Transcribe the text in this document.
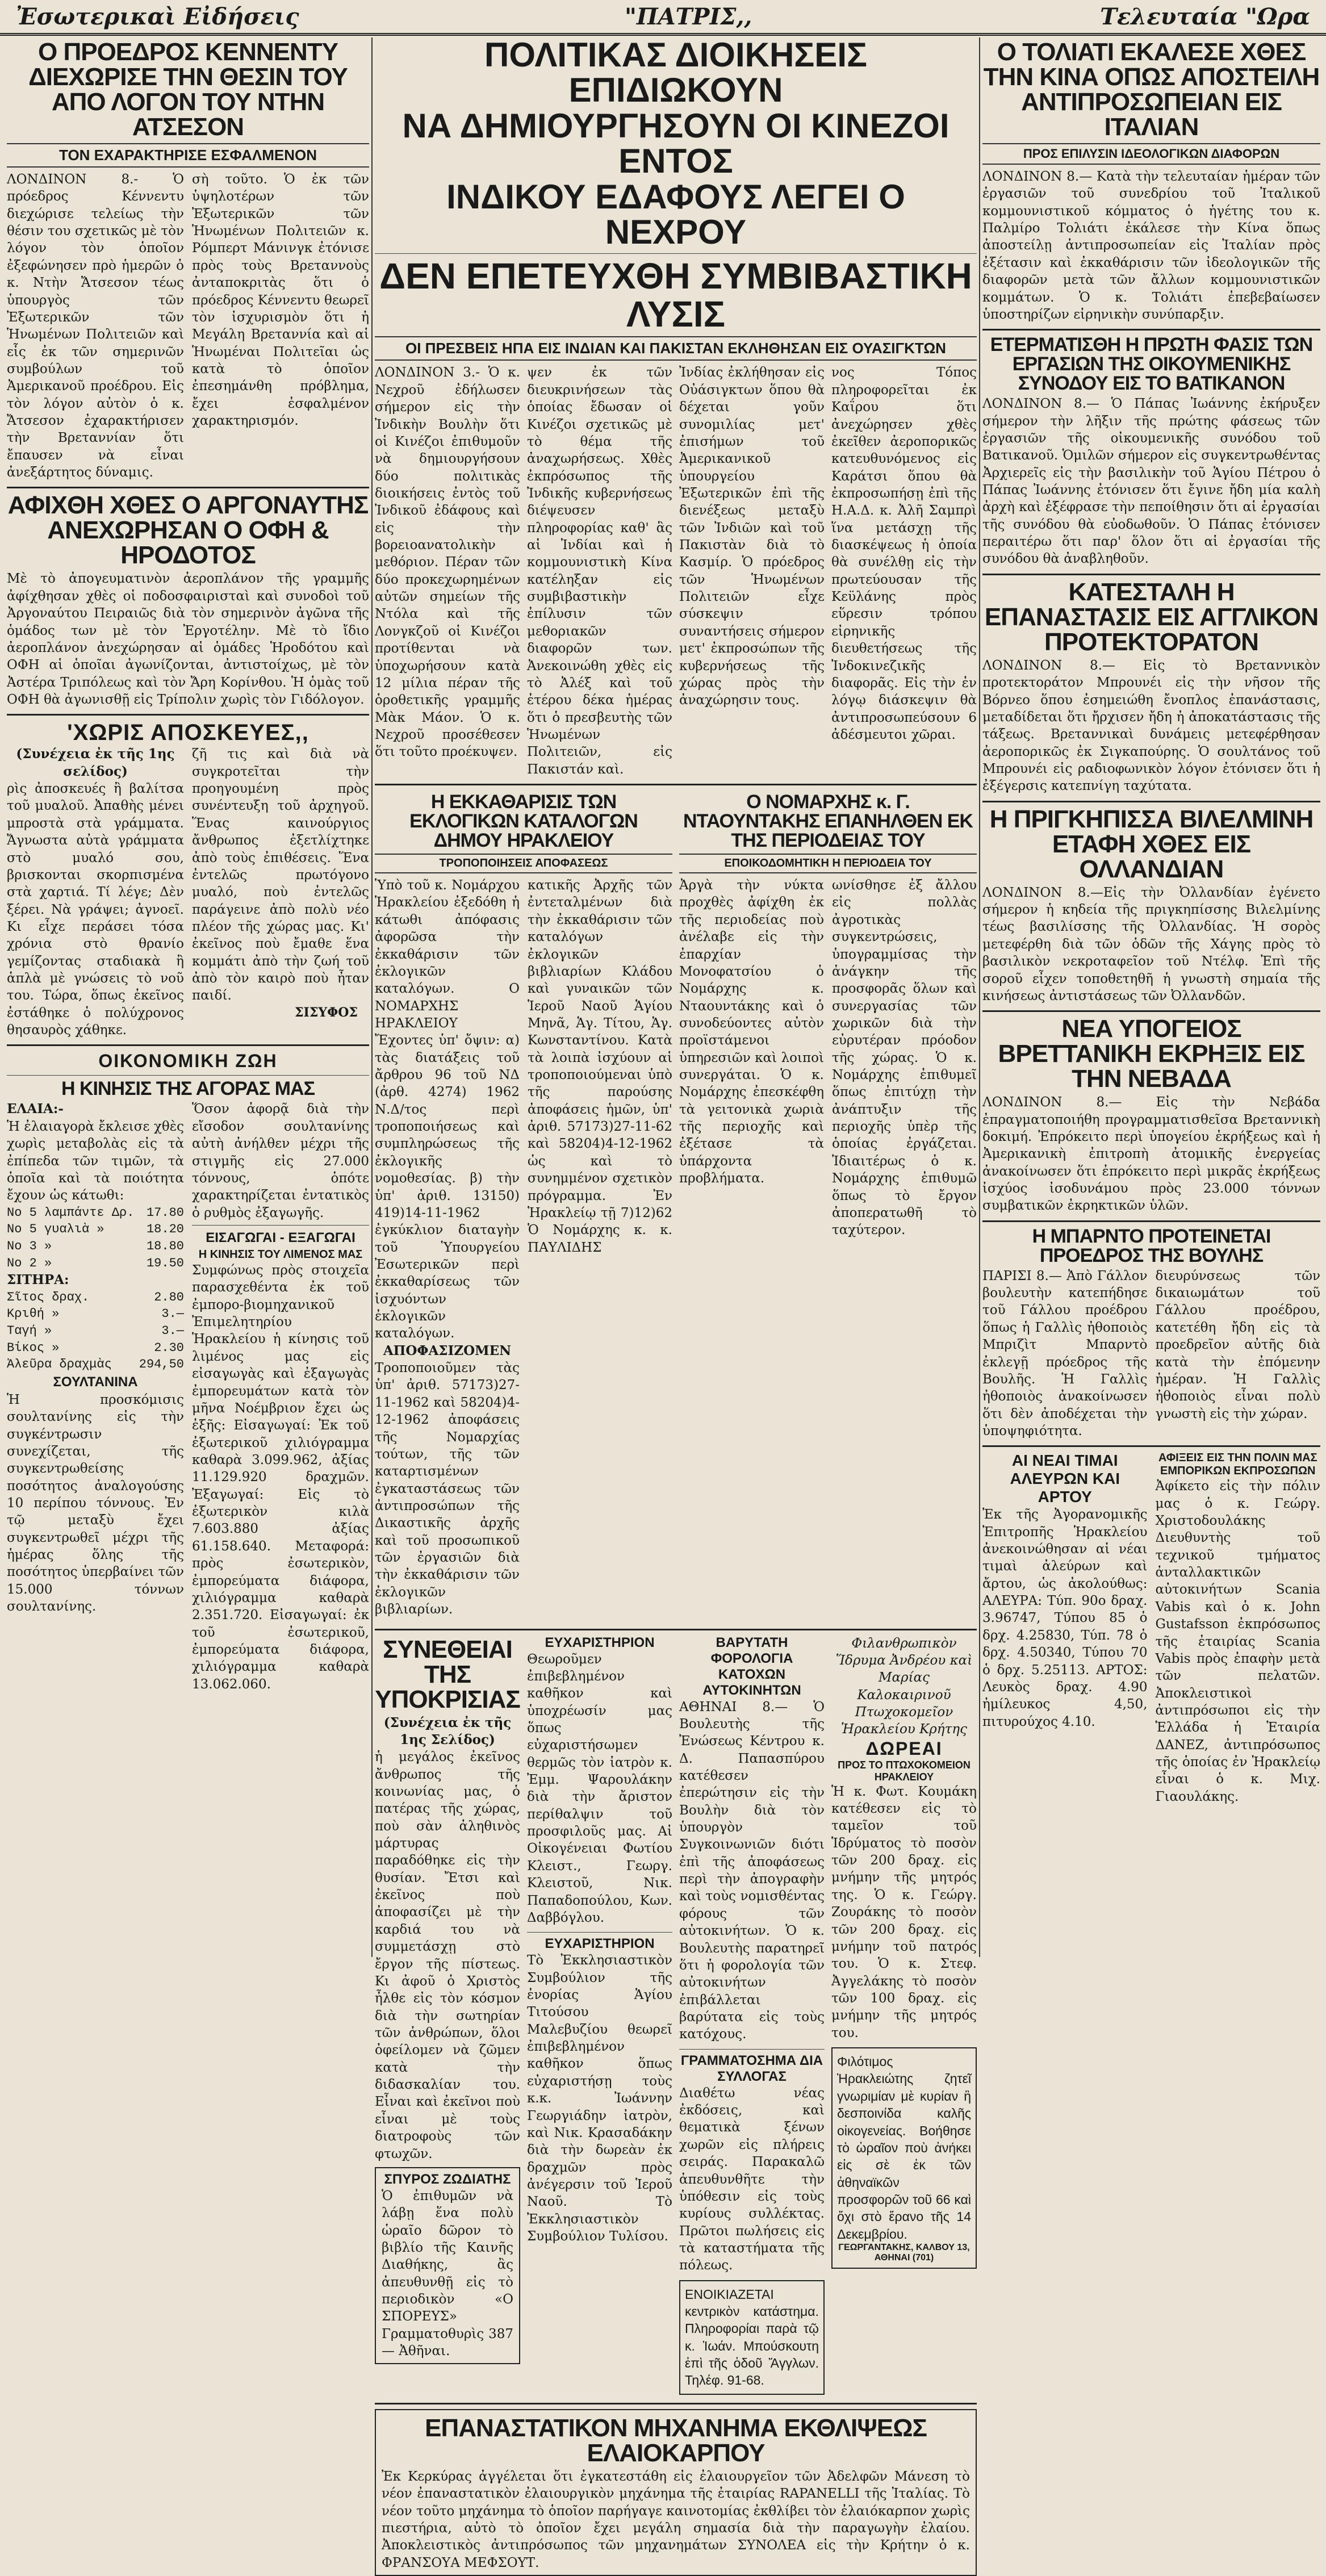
Ἐσωτερικαὶ Εἰδήσεις	"ΠΑΤΡΙΣ,,	Τελευταία "Ωρα
Ο ΠΡΟΕΔΡΟΣ ΚΕΝΝΕΝΤΥ ΔΙΕΧΩΡΙΣΕ ΤΗΝ ΘΕΣΙΝ ΤΟΥ ΑΠΟ ΛΟΓΟΝ ΤΟΥ ΝΤΗΝ ΑΤΣΕΣΟΝ
ΤΟΝ ΕΧΑΡΑΚΤΗΡΙΣΕ ΕΣΦΑΛΜΕΝΟΝ
ΛΟΝΔΙΝΟΝ 8.- Ὁ πρόεδρος Κέννεντυ διεχώρισε τελείως τὴν θέσιν του σχετικῶς μὲ τὸν λόγον τὸν ὁποῖον ἐξεφώνησεν πρὸ ἡμερῶν ὁ κ. Ντὴν Ἄτσεσον τέως ὑπουργὸς τῶν Ἐξωτερικῶν τῶν Ἡνωμένων Πολιτειῶν καὶ εἷς ἐκ τῶν σημερινῶν συμβούλων τοῦ Ἀμερικανοῦ προέδρου. Εἰς τὸν λόγον αὐτὸν ὁ κ. Ἄτσεσον ἐχαρακτήρισεν τὴν Βρεταννίαν ὅτι ἔπαυσεν νὰ εἶναι ἀνεξάρτητος δύναμις.
σὴ τοῦτο. Ὁ ἐκ τῶν ὑψηλοτέρων τῶν Ἐξωτερικῶν τῶν Ἡνωμένων Πολιτειῶν κ. Ρόμπερτ Μάνινγκ ἐτόνισε πρὸς τοὺς Βρεταννοὺς ἀνταποκριτὰς ὅτι ὁ πρόεδρος Κέννεντυ θεωρεῖ τὸν ἰσχυρισμὸν ὅτι ἡ Μεγάλη Βρεταννία καὶ αἱ Ἡνωμέναι Πολιτεῖαι ὡς κατὰ τὸ ὁποῖον ἐπεσημάνθη πρόβλημα, ἔχει ἐσφαλμένον χαρακτηρισμόν.
ΑΦΙΧΘΗ ΧΘΕΣ Ο ΑΡΓΟΝΑΥΤΗΣ ΑΝΕΧΩΡΗΣΑΝ Ο ΟΦΗ & ΗΡΟΔΟΤΟΣ
Μὲ τὸ ἀπογευματινὸν ἀεροπλάνον τῆς γραμμῆς ἀφίχθησαν χθὲς οἱ ποδοσφαιρισταὶ καὶ συνοδοὶ τοῦ Ἀργοναύτου Πειραιῶς διὰ τὸν σημερινὸν ἀγῶνα τῆς ὁμάδος των μὲ τὸν Ἐργοτέλην. Μὲ τὸ ἴδιο ἀεροπλάνον ἀνεχώρησαν αἱ ὁμάδες Ἡροδότου καὶ ΟΦΗ αἱ ὁποῖαι ἀγωνίζονται, ἀντιστοίχως, μὲ τὸν Ἀστέρα Τριπόλεως καὶ τὸν Ἄρη Κορίνθου. Ἡ ὁμὰς τοῦ ΟΦΗ θὰ ἀγωνισθῇ εἰς Τρίπολιν χωρὶς τὸν Γιδόλογον.
'ΧΩΡΙΣ ΑΠΟΣΚΕΥΕΣ,,
(Συνέχεια ἐκ τῆς 1ης σελίδος)
ρὶς ἀποσκευές ἢ βαλίτσα τοῦ μυαλοῦ. Ἀπαθὴς μένει μπροστὰ στὰ γράμματα. Ἄγνωστα αὐτὰ γράμματα στὸ μυαλό σου, βρισκονται σκορπισμένα στὰ χαρτιά. Τί λέγε; Δὲν ξέρει. Νὰ γράψει; ἀγνοεῖ. Κι εἶχε περάσει τόσα χρόνια στὸ θρανίο γεμίζοντας σταδιακὰ ἢ ἁπλὰ μὲ γνώσεις τὸ νοῦ του. Τώρα, ὅπως ἐκεῖνος ἐστάθηκε ὁ πολύχρονος θησαυρὸς χάθηκε.
ζῆ τις καὶ διὰ νὰ συγκροτεῖται τὴν προηγουμένη πρὸς συνέντευξη τοῦ ἀρχηγοῦ. Ἕνας καινούργιος ἄνθρωπος ἐξετλίχτηκε ἀπὸ τοὺς ἐπιθέσεις. Ἕνα ἐντελῶς πρωτόγονο μυαλό, ποὺ ἐντελῶς παράγεινε ἀπὸ πολὺ νέο πλέον τῆς χώρας μας. Κι' ἐκεῖνος ποὺ ἔμαθε ἕνα κομμάτι ἀπὸ τὴν ζωή τοῦ ἀπὸ τὸν καιρὸ ποὺ ἦταν παιδί.
ΣΙΣΥΦΟΣ
ΟΙΚΟΝΟΜΙΚΗ ΖΩΗ
Η ΚΙΝΗΣΙΣ ΤΗΣ ΑΓΟΡΑΣ ΜΑΣ
ΕΛΑΙΑ:-
Ἡ ἐλαιαγορὰ ἔκλεισε χθὲς χωρὶς μεταβολὰς εἰς τὰ ἐπίπεδα τῶν τιμῶν, τὰ ὁποῖα καὶ τὰ ποιότητα ἔχουν ὡς κάτωθι:
Νο 5 λαμπάντε Δρ. 17.80
Νο 5 γυαλιὰ »	18.20
Νο 3 »	18.80
Νο 2 »	19.50
ΣΙΤΗΡΑ:
Σῖτος δραχ.	2.80
Κριθή »	3.—
Ταγή »	3.—
Βίκος »	2.30
Ἀλεῦρα δραχμὰς 294,50
ΣΟΥΛΤΑΝΙΝΑ
Ἡ προσκόμισις σουλτανίνης εἰς τὴν συγκέντρωσιν συνεχίζεται, τῆς συγκεντρωθείσης ποσότητος ἀναλογούσης 10 περίπου τόννους. Ἐν τῷ μεταξὺ ἔχει συγκεντρωθεῖ μέχρι τῆς ἡμέρας ὅλης τῆς ποσότητος ὑπερβαίνει τῶν 15.000 τόννων σουλτανίνης.
Ὅσον ἀφορᾷ διὰ τὴν εἴσοδον σουλτανίνης αὐτὴ ἀνήλθεν μέχρι τῆς στιγμῆς εἰς 27.000 τόννους, ὁπότε χαρακτηρίζεται ἐντατικὸς ὁ ρυθμὸς ἐξαγωγῆς.
ΕΙΣΑΓΩΓΑΙ - ΕΞΑΓΩΓΑΙ
Η ΚΙΝΗΣΙΣ ΤΟΥ ΛΙΜΕΝΟΣ ΜΑΣ
Συμφώνως πρὸς στοιχεῖα παρασχεθέντα ἐκ τοῦ ἐμπορο-βιομηχανικοῦ Ἐπιμελητηρίου Ἡρακλείου ἡ κίνησις τοῦ λιμένος μας εἰς εἰσαγωγὰς καὶ ἐξαγωγὰς ἐμπορευμάτων κατὰ τὸν μῆνα Νοέμβριον ἔχει ὡς ἑξῆς: Εἰσαγωγαί: Ἐκ τοῦ ἐξωτερικοῦ χιλιόγραμμα καθαρὰ 3.099.962, ἀξίας 11.129.920 δραχμῶν. Ἐξαγωγαί: Εἰς τὸ ἐξωτερικὸν κιλὰ 7.603.880 ἀξίας 61.158.640. Μεταφορά: πρὸς ἐσωτερικὸν, ἐμπορεύματα διάφορα, χιλιόγραμμα καθαρὰ 2.351.720. Εἰσαγωγαί: ἐκ τοῦ ἐσωτερικοῦ, ἐμπορεύματα διάφορα, χιλιόγραμμα καθαρὰ 13.062.060.
ΠΟΛΙΤΙΚΑΣ ΔΙΟΙΚΗΣΕΙΣ ΕΠΙΔΙΩΚΟΥΝ
ΝΑ ΔΗΜΙΟΥΡΓΗΣΟΥΝ ΟΙ ΚΙΝΕΖΟΙ ΕΝΤΟΣ
ΙΝΔΙΚΟΥ ΕΔΑΦΟΥΣ ΛΕΓΕΙ Ο ΝΕΧΡΟΥ
ΔΕΝ ΕΠΕΤΕΥΧΘΗ ΣΥΜΒΙΒΑΣΤΙΚΗ ΛΥΣΙΣ
ΟΙ ΠΡΕΣΒΕΙΣ ΗΠΑ ΕΙΣ ΙΝΔΙΑΝ ΚΑΙ ΠΑΚΙΣΤΑΝ ΕΚΛΗΘΗΣΑΝ ΕΙΣ ΟΥΑΣΙΓΚΤΩΝ
ΛΟΝΔΙΝΟΝ 3.- Ὁ κ. Νεχροῦ ἐδήλωσεν σήμερον εἰς τὴν Ἰνδικὴν Βουλὴν ὅτι οἱ Κινέζοι ἐπιθυμοῦν νὰ δημιουργήσουν δύο πολιτικὰς διοικήσεις ἐντὸς τοῦ Ἰνδικοῦ ἐδάφους καὶ εἰς τὴν βορειοανατολικὴν μεθόριον. Πέραν τῶν δύο προκεχωρημένων αὐτῶν σημείων τῆς Ντόλα καὶ τῆς Λονγκζοῦ οἱ Κινέζοι προτίθενται νὰ ὑποχωρήσουν κατὰ 12 μίλια πέραν τῆς ὁροθετικῆς γραμμῆς Μὰκ Μάον. Ὁ κ. Νεχροῦ προσέθεσεν ὅτι τοῦτο προέκυψεν.
ψεν ἐκ τῶν διευκρινήσεων τὰς ὁποίας ἔδωσαν οἱ Κινέζοι σχετικῶς μὲ τὸ θέμα τῆς ἀναχωρήσεως. Χθὲς ἐκπρόσωπος τῆς Ἰνδικῆς κυβερνήσεως διέψευσεν πληροφορίας καθ' ἃς αἱ Ἰνδίαι καὶ ἡ κομμουνιστικὴ Κίνα κατέληξαν εἰς συμβιβαστικὴν ἐπίλυσιν τῶν μεθοριακῶν διαφορῶν των. Ἀνεκοινώθη χθὲς εἰς τὸ Ἀλέξ καὶ τοῦ ἐτέρου δέκα ἡμέρας ὅτι ὁ πρεσβευτὴς τῶν Ἡνωμένων Πολιτειῶν, εἰς Πακιστάν καὶ.
Ἰνδίας ἐκλήθησαν εἰς Οὐάσιγκτων ὅπου θὰ δέχεται γοῦν συνομιλίας μετ' ἐπισήμων τοῦ Ἀμερικανικοῦ ὑπουργείου Ἐξωτερικῶν ἐπὶ τῆς διενέξεως μεταξὺ τῶν Ἰνδιῶν καὶ τοῦ Πακιστὰν διὰ τὸ Κασμίρ. Ὁ πρόεδρος τῶν Ἡνωμένων Πολιτειῶν εἶχε σύσκεψιν συναντήσεις σήμερον μετ' ἐκπροσώπων τῆς κυβερνήσεως τῆς χώρας πρὸς τὴν ἀναχώρησιν τους.
νος Τόπος πληροφορεῖται ἐκ Καΐρου ὅτι ἀνεχώρησεν χθὲς ἐκεῖθεν ἀεροπορικῶς κατευθυνόμενος εἰς Καράτσι ὅπου θὰ ἐκπροσωπήσῃ ἐπὶ τῆς Η.Α.Δ. κ. Ἀλῆ Σαμπρὶ ἵνα μετάσχῃ τῆς διασκέψεως ἡ ὁποία θὰ συνέλθῃ εἰς τὴν πρωτεύουσαν τῆς Κεϋλάνης πρὸς εὕρεσιν τρόπου εἰρηνικῆς διευθετήσεως τῆς Ἰνδοκινεζικῆς διαφορᾶς. Εἰς τὴν ἐν λόγῳ διάσκεψιν θὰ ἀντιπροσωπεύσουν 6 ἀδέσμευτοι χῶραι.
Η ΕΚΚΑΘΑΡΙΣΙΣ ΤΩΝ ΕΚΛΟΓΙΚΩΝ ΚΑΤΑΛΟΓΩΝ ΔΗΜΟΥ ΗΡΑΚΛΕΙΟΥ
ΤΡΟΠΟΠΟΙΗΣΕΙΣ ΑΠΟΦΑΣΕΩΣ
Ὑπὸ τοῦ κ. Νομάρχου Ἡρακλείου ἐξεδόθη ἡ κάτωθι ἀπόφασις ἀφορῶσα τὴν ἐκκαθάρισιν τῶν ἐκλογικῶν καταλόγων. Ο ΝΟΜΑΡΧΗΣ ΗΡΑΚΛΕΙΟΥ Ἔχοντες ὑπ' ὄψιν: α) τὰς διατάξεις τοῦ ἄρθρου 96 τοῦ ΝΔ (ἀρθ. 4274) 1962 Ν.Δ/τος περὶ τροποποιήσεως καὶ συμπληρώσεως τῆς ἐκλογικῆς νομοθεσίας. β) τὴν ὑπ' ἀριθ. 13150) 419)14-11-1962 ἐγκύκλιον διαταγὴν τοῦ Ὑπουργείου Ἐσωτερικῶν περὶ ἐκκαθαρίσεως τῶν ἰσχυόντων ἐκλογικῶν καταλόγων.
ΑΠΟΦΑΣΙΖΟΜΕΝ
Τροποποιοῦμεν τὰς ὑπ' ἀριθ. 57173)27-11-1962 καὶ 58204)4-12-1962 ἀποφάσεις τῆς Νομαρχίας τούτων, τῆς τῶν καταρτισμένων ἐγκαταστάσεως τῶν ἀντιπροσώπων τῆς Δικαστικῆς ἀρχῆς καὶ τοῦ προσωπικοῦ τῶν ἐργασιῶν διὰ τὴν ἐκκαθάρισιν τῶν ἐκλογικῶν βιβλιαρίων.
κατικῆς Ἀρχῆς τῶν ἐντεταλμένων διὰ τὴν ἐκκαθάρισιν τῶν καταλόγων ἐκλογικῶν βιβλιαρίων Κλάδου καὶ γυναικῶν τῶν Ἱεροῦ Ναοῦ Ἁγίου Μηνᾶ, Ἁγ. Τίτου, Ἁγ. Κωνσταντίνου. Κατὰ τὰ λοιπὰ ἰσχύουν αἱ τροποποιούμεναι ὑπὸ τῆς παρούσης ἀποφάσεις ἡμῶν, ὑπ' ἀριθ. 57173)27-11-62 καὶ 58204)4-12-1962 ὡς καὶ τὸ συνημμένον σχετικὸν πρόγραμμα. Ἐν Ἡρακλείῳ τῇ 7)12)62 Ὁ Νομάρχης κ. κ. ΠΑΥΛΙΔΗΣ
Ο ΝΟΜΑΡΧΗΣ κ. Γ. ΝΤΑΟΥΝΤΑΚΗΣ ΕΠΑΝΗΛΘΕΝ ΕΚ ΤΗΣ ΠΕΡΙΟΔΕΙΑΣ ΤΟΥ
ΕΠΟΙΚΟΔΟΜΗΤΙΚΗ Η ΠΕΡΙΟΔΕΙΑ ΤΟΥ
Ἀργὰ τὴν νύκτα προχθὲς ἀφίχθη ἐκ τῆς περιοδείας ποὺ ἀνέλαβε εἰς τὴν ἐπαρχίαν Μονοφατσίου ὁ Νομάρχης κ. Νταουντάκης καὶ ὁ συνοδεύοντες αὐτὸν προϊστάμενοι ὑπηρεσιῶν καὶ λοιποὶ συνεργάται. Ὁ κ. Νομάρχης ἐπεσκέφθη τὰ γειτονικὰ χωριὰ τῆς περιοχῆς καὶ ἐξέτασε τὰ ὑπάρχοντα προβλήματα.
ωνίσθησε ἐξ ἄλλου εἰς πολλὰς ἀγροτικὰς συγκεντρώσεις, ὑπογραμμίσας τὴν ἀνάγκην τῆς προσφορᾶς ὅλων καὶ συνεργασίας τῶν χωρικῶν διὰ τὴν εὐρυτέραν πρόοδον τῆς χώρας. Ὁ κ. Νομάρχης ἐπιθυμεῖ ὅπως ἐπιτύχῃ τὴν ἀνάπτυξιν τῆς περιοχῆς ὑπὲρ τῆς ὁποίας ἐργάζεται. Ἰδιαιτέρως ὁ κ. Νομάρχης ἐπιθυμῶ ὅπως τὸ ἔργον ἀποπερατωθῆ τὸ ταχύτερον.
ΣΥΝΕΘΕΙΑΙ ΤΗΣ ΥΠΟΚΡΙΣΙΑΣ
(Συνέχεια ἐκ τῆς 1ης Σελίδος)
ἡ μεγάλος ἐκεῖνος ἄνθρωπος τῆς κοινωνίας μας, ὁ πατέρας τῆς χώρας, ποὺ σὰν ἀληθινὸς μάρτυρας παραδόθηκε εἰς τὴν θυσίαν. Ἔτσι καὶ ἐκεῖνος ποὺ ἀποφασίζει μὲ τὴν καρδιά του νὰ συμμετάσχῃ στὸ ἔργον τῆς πίστεως. Κι ἀφοῦ ὁ Χριστὸς ἦλθε εἰς τὸν κόσμον διὰ τὴν σωτηρίαν τῶν ἀνθρώπων, ὅλοι ὀφείλομεν νὰ ζῶμεν κατὰ τὴν διδασκαλίαν του. Εἶναι καὶ ἐκεῖνοι ποὺ εἶναι μὲ τοὺς διατροφοὺς τῶν φτωχῶν.
ΣΠΥΡΟΣ ΖΩΔΙΑΤΗΣ
Ὁ ἐπιθυμῶν νὰ λάβῃ ἕνα πολὺ ὡραῖο δῶρον τὸ βιβλίο τῆς Καινῆς Διαθήκης, ἂς ἀπευθυνθῇ εἰς τὸ περιοδικὸν «Ο ΣΠΟΡΕΥΣ» Γραμματοθυρὶς 387— Ἀθῆναι.
ΕΥΧΑΡΙΣΤΗΡΙΟΝ
Θεωροῦμεν ἐπιβεβλημένον καθῆκον καὶ ὑποχρέωσίν μας ὅπως εὐχαριστήσωμεν θερμῶς τὸν ἰατρὸν κ. Ἐμμ. Ψαρουλάκην διὰ τὴν ἄριστον περίθαλψιν τοῦ προσφιλοῦς μας. Αἱ Οἰκογένειαι Φωτίου Κλειστ., Γεωργ. Κλειστοῦ, Νικ. Παπαδοπούλου, Κων. Δαββόγλου.
ΕΥΧΑΡΙΣΤΗΡΙΟΝ
Τὸ Ἐκκλησιαστικὸν Συμβούλιον τῆς ἐνορίας Ἁγίου Τιτούσου Μαλεβυζίου θεωρεῖ ἐπιβεβλημένον καθῆκον ὅπως εὐχαριστήσῃ τοὺς κ.κ. Ἰωάννην Γεωργιάδην ἰατρὸν, καὶ Νικ. Κρασαδάκην διὰ τὴν δωρεὰν ἐκ δραχμῶν πρὸς ἀνέγερσιν τοῦ Ἱεροῦ Ναοῦ. Τὸ Ἐκκλησιαστικὸν Συμβούλιον Τυλίσου.
ΒΑΡΥΤΑΤΗ ΦΟΡΟΛΟΓΙΑ ΚΑΤΟΧΩΝ ΑΥΤΟΚΙΝΗΤΩΝ
ΑΘΗΝΑΙ 8.— Ὁ Βουλευτὴς τῆς Ἐνώσεως Κέντρου κ. Δ. Παπασπύρου κατέθεσεν ἐπερώτησιν εἰς τὴν Βουλὴν διὰ τὸν ὑπουργὸν Συγκοινωνιῶν διότι ἐπὶ τῆς ἀποφάσεως περὶ τὴν ἀπογραφὴν καὶ τοὺς νομισθέντας φόρους τῶν αὐτοκινήτων. Ὁ κ. Βουλευτὴς παρατηρεῖ ὅτι ἡ φορολογία τῶν αὐτοκινήτων ἐπιβάλλεται βαρύτατα εἰς τοὺς κατόχους.
ΓΡΑΜΜΑΤΟΣΗΜΑ ΔΙΑ ΣΥΛΛΟΓΑΣ
Διαθέτω νέας ἐκδόσεις, καὶ θεματικὰ ξένων χωρῶν εἰς πλήρεις σειράς. Παρακαλῶ ἀπευθυνθῆτε τὴν ὑπόθεσιν εἰς τοὺς κυρίους συλλέκτας. Πρῶτοι πωλήσεις εἰς τὰ καταστήματα τῆς πόλεως.
ΕΝΟΙΚΙΑΖΕΤΑΙ κεντρικὸν κατάστημα. Πληροφορίαι παρὰ τῷ κ. Ἰωάν. Μπούσκουτη ἐπὶ τῆς ὁδοῦ Ἄγγλων. Τηλέφ. 91-68.
Φιλανθρωπικὸν Ἵδρυμα Ἀνδρέου καὶ Μαρίας Καλοκαιρινοῦ Πτωχοκομεῖον Ἡρακλείου Κρήτης
ΔΩΡΕΑΙ
ΠΡΟΣ ΤΟ ΠΤΩΧΟΚΟΜΕΙΟΝ ΗΡΑΚΛΕΙΟΥ
Ἡ κ. Φωτ. Κουμάκη κατέθεσεν εἰς τὸ ταμεῖον τοῦ Ἱδρύματος τὸ ποσὸν τῶν 200 δραχ. εἰς μνήμην τῆς μητρός της. Ὁ κ. Γεώργ. Ζουράκης τὸ ποσὸν τῶν 200 δραχ. εἰς μνήμην τοῦ πατρός του. Ὁ κ. Στεφ. Ἀγγελάκης τὸ ποσὸν τῶν 100 δραχ. εἰς μνήμην τῆς μητρός του.
Φιλότιμος Ἡρακλειώτης ζητεῖ γνωριμίαν μὲ κυρίαν ἢ δεσποινίδα καλῆς οἰκογενείας. Βοήθησε τὸ ὡραῖον ποὺ ἀνήκει εἰς σὲ ἐκ τῶν ἀθηναϊκῶν προσφορῶν τοῦ 66 καὶ ὄχι στὸ ἔρανο τῆς 14 Δεκεμβρίου.
ΓΕΩΡΓΑΝΤΑΚΗΣ, ΚΑΛΒΟΥ 13, ΑΘΗΝΑΙ (701)
ΕΠΑΝΑΣΤΑΤΙΚΟΝ ΜΗΧΑΝΗΜΑ ΕΚΘΛΙΨΕΩΣ ΕΛΑΙΟΚΑΡΠΟΥ
Ἐκ Κερκύρας ἀγγέλεται ὅτι ἐγκατεστάθη εἰς ἐλαιουργεῖον τῶν Ἀδελφῶν Μάνεση τὸ νέον ἐπαναστατικὸν ἐλαιουργικὸν μηχάνημα τῆς ἐταιρίας RAPANELLI τῆς Ἰταλίας. Τὸ νέον τοῦτο μηχάνημα τὸ ὁποῖον παρήγαγε καινοτομίας ἐκθλίβει τὸν ἐλαιόκαρπον χωρὶς πιεστήρια, αὐτὸ τὸ ὁποῖον ἔχει μεγάλη σημασία διὰ τὴν παραγωγὴν ἐλαίου. Ἀποκλειστικὸς ἀντιπρόσωπος τῶν μηχανημάτων ΣΥΝΟΛΕΑ εἰς τὴν Κρήτην ὁ κ. ΦΡΑΝΣΟΥΑ ΜΕΦΣΟΥΤ.
Ο ΤΟΛΙΑΤΙ ΕΚΑΛΕΣΕ ΧΘΕΣ ΤΗΝ ΚΙΝΑ ΟΠΩΣ ΑΠΟΣΤΕΙΛΗ ΑΝΤΙΠΡΟΣΩΠΕΙΑΝ ΕΙΣ ΙΤΑΛΙΑΝ
ΠΡΟΣ ΕΠΙΛΥΣΙΝ ΙΔΕΟΛΟΓΙΚΩΝ ΔΙΑΦΟΡΩΝ
ΛΟΝΔΙΝΟΝ 8.— Κατὰ τὴν τελευταίαν ἡμέραν τῶν ἐργασιῶν τοῦ συνεδρίου τοῦ Ἰταλικοῦ κομμουνιστικοῦ κόμματος ὁ ἡγέτης του κ. Παλμίρο Τολιάτι ἐκάλεσε τὴν Κίνα ὅπως ἀποστείλῃ ἀντιπροσωπείαν εἰς Ἰταλίαν πρὸς ἐξέτασιν καὶ ἐκκαθάρισιν τῶν ἰδεολογικῶν τῆς διαφορῶν μετὰ τῶν ἄλλων κομμουνιστικῶν κομμάτων. Ὁ κ. Τολιάτι ἐπεβεβαίωσεν ὑποστηρίζων εἰρηνικὴν συνύπαρξιν.
ΕΤΕΡΜΑΤΙΣΘΗ Η ΠΡΩΤΗ ΦΑΣΙΣ ΤΩΝ ΕΡΓΑΣΙΩΝ ΤΗΣ ΟΙΚΟΥΜΕΝΙΚΗΣ ΣΥΝΟΔΟΥ ΕΙΣ ΤΟ ΒΑΤΙΚΑΝΟΝ
ΛΟΝΔΙΝΟΝ 8.— Ὁ Πάπας Ἰωάννης ἐκήρυξεν σήμερον τὴν λῆξιν τῆς πρώτης φάσεως τῶν ἐργασιῶν τῆς οἰκουμενικῆς συνόδου τοῦ Βατικανοῦ. Ὁμιλῶν σήμερον εἰς συγκεντρωθέντας Ἀρχιερεῖς εἰς τὴν βασιλικὴν τοῦ Ἁγίου Πέτρου ὁ Πάπας Ἰωάννης ἐτόνισεν ὅτι ἔγινε ἤδη μία καλὴ ἀρχὴ καὶ ἐξέφρασε τὴν πεποίθησιν ὅτι αἱ ἐργασίαι τῆς συνόδου θὰ εὐοδωθοῦν. Ὁ Πάπας ἐτόνισεν περαιτέρω ὅτι παρ' ὅλον ὅτι αἱ ἐργασίαι τῆς συνόδου θὰ ἀναβληθοῦν.
ΚΑΤΕΣΤΑΛΗ Η ΕΠΑΝΑΣΤΑΣΙΣ ΕΙΣ ΑΓΓΛΙΚΟΝ ΠΡΟΤΕΚΤΟΡΑΤΟΝ
ΛΟΝΔΙΝΟΝ 8.— Εἰς τὸ Βρεταννικὸν προτεκτοράτον Μπρουνέι εἰς τὴν νῆσον τῆς Βόρνεο ὅπου ἐσημειώθη ἔνοπλος ἐπανάστασις, μεταδίδεται ὅτι ἤρχισεν ἤδη ἡ ἀποκατάστασις τῆς τάξεως. Βρεταννικαὶ δυνάμεις μετεφέρθησαν ἀεροπορικῶς ἐκ Σιγκαπούρης. Ὁ σουλτάνος τοῦ Μπρουνέι εἰς ραδιοφωνικὸν λόγον ἐτόνισεν ὅτι ἡ ἐξέγερσις κατεπνίγη ταχύτατα.
Η ΠΡΙΓΚΗΠΙΣΣΑ ΒΙΛΕΛΜΙΝΗ ΕΤΑΦΗ ΧΘΕΣ ΕΙΣ ΟΛΛΑΝΔΙΑΝ
ΛΟΝΔΙΝΟΝ 8.—Εἰς τὴν Ὀλλανδίαν ἐγένετο σήμερον ἡ κηδεία τῆς πριγκηπίσσης Βιλελμίνης τέως βασιλίσσης τῆς Ὀλλανδίας. Ἡ σορὸς μετεφέρθη διὰ τῶν ὁδῶν τῆς Χάγης πρὸς τὸ βασιλικὸν νεκροταφεῖον τοῦ Ντέλφ. Ἐπὶ τῆς σοροῦ εἶχεν τοποθετηθῆ ἡ γνωστὴ σημαία τῆς κινήσεως ἀντιστάσεως τῶν Ὀλλανδῶν.
ΝΕΑ ΥΠΟΓΕΙΟΣ ΒΡΕΤΤΑΝΙΚΗ ΕΚΡΗΞΙΣ ΕΙΣ ΤΗΝ ΝΕΒΑΔΑ
ΛΟΝΔΙΝΟΝ 8.— Εἰς τὴν Νεβάδα ἐπραγματοποιήθη προγραμματισθεῖσα Βρεταννικὴ δοκιμή. Ἐπρόκειτο περὶ ὑπογείου ἐκρήξεως καὶ ἡ Ἀμερικανικὴ ἐπιτροπὴ ἀτομικῆς ἐνεργείας ἀνακοίνωσεν ὅτι ἐπρόκειτο περὶ μικρᾶς ἐκρήξεως ἰσχύος ἰσοδυνάμου πρὸς 23.000 τόννων συμβατικῶν ἐκρηκτικῶν ὑλῶν.
Η ΜΠΑΡΝΤΟ ΠΡΟΤΕΙΝΕΤΑΙ ΠΡΟΕΔΡΟΣ ΤΗΣ ΒΟΥΛΗΣ
ΠΑΡΙΣΙ 8.— Ἀπὸ Γάλλον βουλευτὴν κατεπήδησε τοῦ Γάλλου προέδρου ὅπως ἡ Γαλλὶς ἠθοποιὸς Μπριζὶτ Μπαρντὸ ἐκλεγῇ πρόεδρος τῆς Βουλῆς. Ἡ Γαλλὶς ἠθοποιὸς ἀνακοίνωσεν ὅτι δὲν ἀποδέχεται τὴν ὑποψηφιότητα.
διευρύνσεως τῶν δικαιωμάτων τοῦ Γάλλου προέδρου, κατετέθη ἤδη εἰς τὰ προεδρεῖον αὐτῆς διὰ κατὰ τὴν ἐπόμενην ἡμέραν. Ἡ Γαλλὶς ἠθοποιὸς εἶναι πολὺ γνωστὴ εἰς τὴν χώραν.
ΑΙ ΝΕΑΙ ΤΙΜΑΙ ΑΛΕΥΡΩΝ ΚΑΙ ΑΡΤΟΥ
Ἐκ τῆς Ἀγορανομικῆς Ἐπιτροπῆς Ἡρακλείου ἀνεκοινώθησαν αἱ νέαι τιμαὶ ἀλεύρων καὶ ἄρτου, ὡς ἀκολούθως: ΑΛΕΥΡΑ: Τύπ. 90ο δραχ. 3.96747, Τύπου 85 ὁ δρχ. 4.25830, Τύπ. 78 ὁ δρχ. 4.50340, Τύπου 70 ὁ δρχ. 5.25113. ΑΡΤΟΣ: Λευκὸς δραχ. 4.90 ἠμίλευκος 4,50, πιτυρούχος 4.10.
ΑΦΙΞΕΙΣ ΕΙΣ ΤΗΝ ΠΟΛΙΝ ΜΑΣ ΕΜΠΟΡΙΚΩΝ ΕΚΠΡΟΣΩΠΩΝ
Ἀφίκετο εἰς τὴν πόλιν μας ὁ κ. Γεώργ. Χριστοδουλάκης Διευθυντὴς τοῦ τεχνικοῦ τμήματος ἀνταλλακτικῶν αὐτοκινήτων Scania Vabis καὶ ὁ κ. John Gustafsson ἐκπρόσωπος τῆς ἐταιρίας Scania Vabis πρὸς ἐπαφὴν μετὰ τῶν πελατῶν. Ἀποκλειστικοὶ ἀντιπρόσωποι εἰς τὴν Ἑλλάδα ἡ Ἑταιρία ΔΑΝΕΖ, ἀντιπρόσωπος τῆς ὁποίας ἐν Ἡρακλείῳ εἶναι ὁ κ. Μιχ. Γιαουλάκης.
